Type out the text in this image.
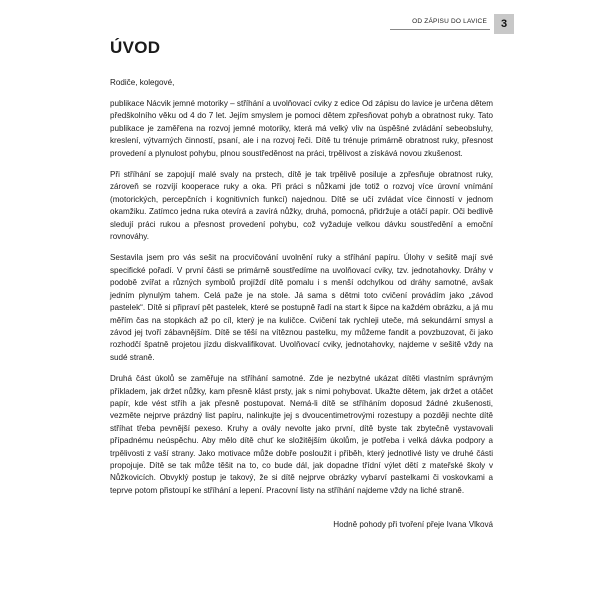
OD ZÁPISU DO LAVICE	3
ÚVOD

Rodiče, kolegové,

publikace Nácvik jemné motoriky – stříhání a uvolňovací cviky z edice Od zápisu do lavice je určena dětem předškolního věku od 4 do 7 let. Jejím smyslem je pomoci dětem zpřesňovat pohyb a obratnost ruky. Tato publikace je zaměřena na rozvoj jemné motoriky, která má velký vliv na úspěšné zvládání sebeobsluhy, kreslení, výtvarných činností, psaní, ale i na rozvoj řeči. Dítě tu trénuje primárně obratnost ruky, přesnost provedení a plynulost pohybu, plnou soustředěnost na práci, trpělivost a získává novou zkušenost.

Při stříhání se zapojují malé svaly na prstech, dítě je tak trpělivě posiluje a zpřesňuje obratnost ruky, zároveň se rozvíjí kooperace ruky a oka. Při práci s nůžkami jde totiž o rozvoj více úrovní vnímání (motorických, percepčních i kognitivních funkcí) najednou. Dítě se učí zvládat více činností v jednom okamžiku. Zatímco jedna ruka otevírá a zavírá nůžky, druhá, pomocná, přidržuje a otáčí papír. Oči bedlivě sledují práci rukou a přesnost provedení pohybu, což vyžaduje velkou dávku soustředění a emoční rovnováhy.

Sestavila jsem pro vás sešit na procvičování uvolnění ruky a stříhání papíru. Úlohy v sešitě mají své specifické pořadí. V první části se primárně soustředíme na uvolňovací cviky, tzv. jednotahovky. Dráhy v podobě zvířat a různých symbolů projíždí dítě pomalu i s menší odchylkou od dráhy samotné, avšak jedním plynulým tahem. Celá paže je na stole. Já sama s dětmi toto cvičení provádím jako „závod pastelek“. Dítě si připraví pět pastelek, které se postupně řadí na start k šipce na každém obrázku, a já mu měřím čas na stopkách až po cíl, který je na kuličce. Cvičení tak rychleji uteče, má sekundární smysl a závod jej tvoří zábavnějším. Dítě se těší na vítěznou pastelku, my můžeme fandit a povzbuzovat, či jako rozhodčí špatně projetou jízdu diskvalifikovat. Uvolňovací cviky, jednotahovky, najdeme v sešitě vždy na sudé straně.

Druhá část úkolů se zaměřuje na stříhání samotné. Zde je nezbytné ukázat dítěti vlastním správným příkladem, jak držet nůžky, kam přesně klást prsty, jak s nimi pohybovat. Ukažte dětem, jak držet a otáčet papír, kde vést stříh a jak přesně postupovat. Nemá-li dítě se stříháním doposud žádné zkušenosti, vezměte nejprve prázdný list papíru, nalinkujte jej s dvoucentimetrovými rozestupy a později nechte dítě stříhat třeba pevnější pexeso. Kruhy a ovály nevolte jako první, dítě byste tak zbytečně vystavovali případnému neúspěchu. Aby mělo dítě chuť ke složitějším úkolům, je potřeba i velká dávka podpory a trpělivosti z vaší strany. Jako motivace může dobře posloužit i příběh, který jednotlivé listy ve druhé části propojuje. Dítě se tak může těšit na to, co bude dál, jak dopadne třídní výlet dětí z mateřské školy v Nůžkovicích. Obvyklý postup je takový, že si dítě nejprve obrázky vybarví pastelkami či voskovkami a teprve potom přistoupí ke stříhání a lepení. Pracovní listy na stříhání najdeme vždy na liché straně.

Hodně pohody při tvoření přeje Ivana Vlková
